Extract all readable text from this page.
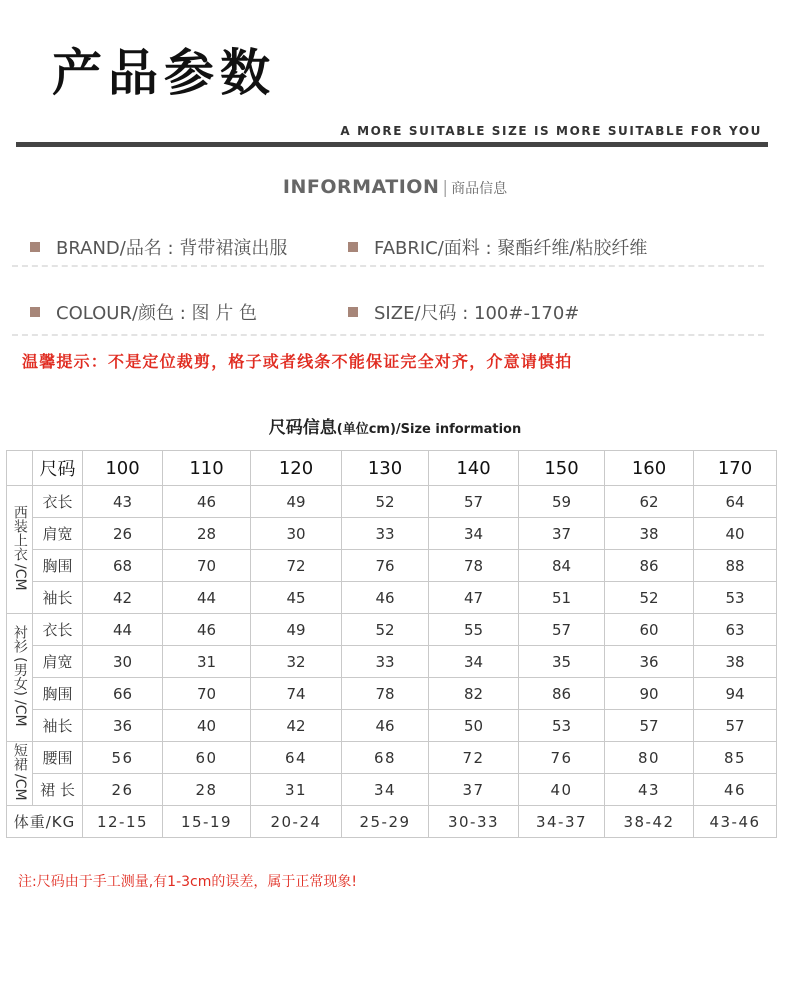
产品参数
A MORE SUITABLE SIZE IS MORE SUITABLE FOR YOU
INFORMATION | 商品信息
BRAND/品名 : 背带裙演出服	FABRIC/面料 : 聚酯纤维/粘胶纤维
COLOUR/颜色 : 图 片 色	SIZE/尺码 : 100#-170#
温馨提示：不是定位裁剪，格子或者线条不能保证完全对齐，介意请慎拍
尺码信息(单位cm)/Size information
	尺码	100	110	120	130	140	150	160	170
西装上衣/CM	衣长	43	46	49	52	57	59	62	64
	肩宽	26	28	30	33	34	37	38	40
	胸围	68	70	72	76	78	84	86	88
	袖长	42	44	45	46	47	51	52	53
衬衫(男女)/CM	衣长	44	46	49	52	55	57	60	63
	肩宽	30	31	32	33	34	35	36	38
	胸围	66	70	74	78	82	86	90	94
	袖长	36	40	42	46	50	53	57	57
短裙/CM	腰围	56	60	64	68	72	76	80	85
	裙 长	26	28	31	34	37	40	43	46
体重/KG		12-15	15-19	20-24	25-29	30-33	34-37	38-42	43-46
注:尺码由于手工测量,有1-3cm的误差，属于正常现象!
